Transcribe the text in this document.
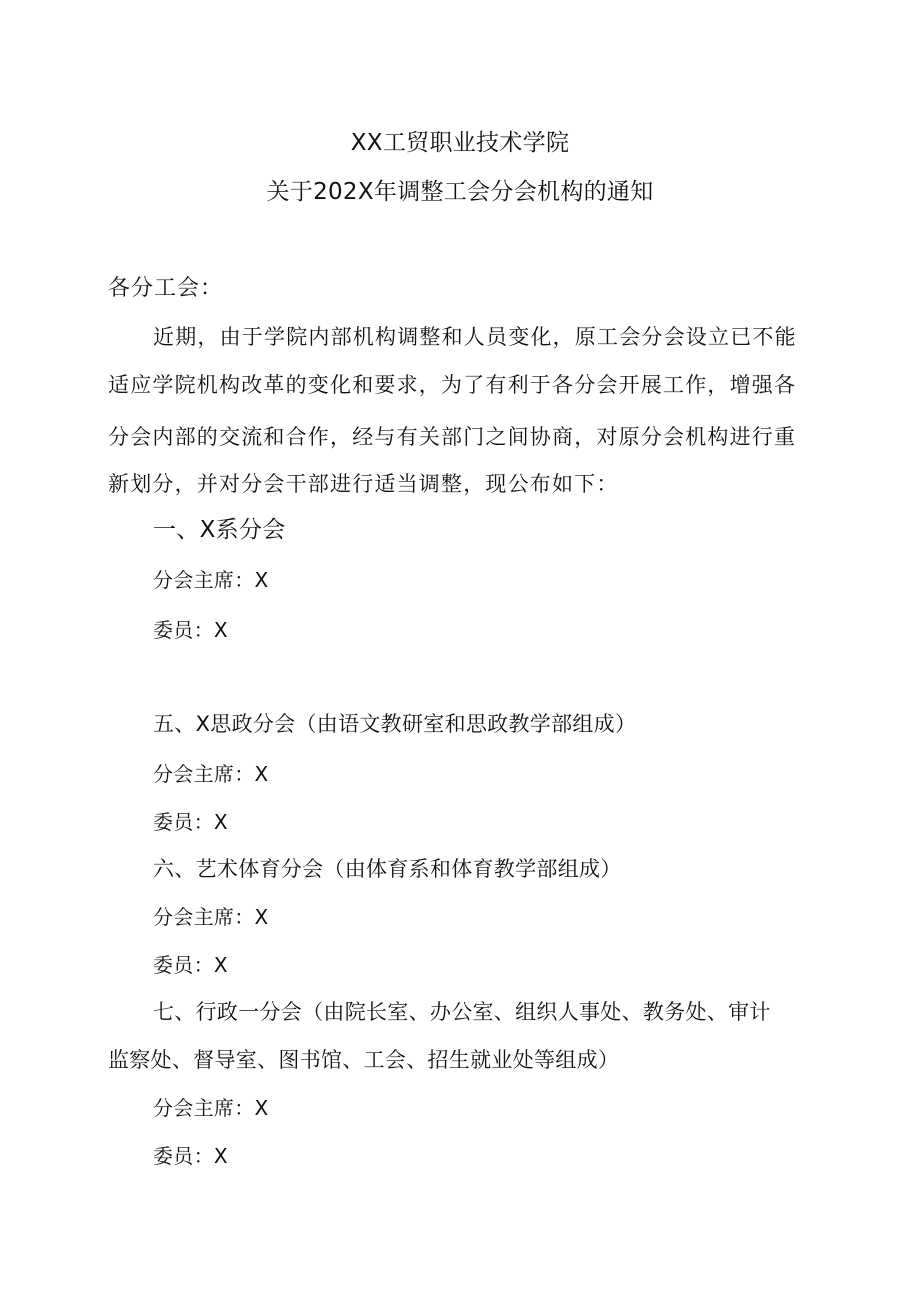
XX工贸职业技术学院
关于202X年调整工会分会机构的通知
各分工会：
近期，由于学院内部机构调整和人员变化，原工会分会设立已不能
适应学院机构改革的变化和要求，为了有利于各分会开展工作，增强各
分会内部的交流和合作，经与有关部门之间协商，对原分会机构进行重
新划分，并对分会干部进行适当调整，现公布如下：
一、X系分会
分会主席：X
委员：X
五、X思政分会（由语文教研室和思政教学部组成）
分会主席：X
委员：X
六、艺术体育分会（由体育系和体育教学部组成）
分会主席：X
委员：X
七、行政一分会（由院长室、办公室、组织人事处、教务处、审计
监察处、督导室、图书馆、工会、招生就业处等组成）
分会主席：X
委员：X
